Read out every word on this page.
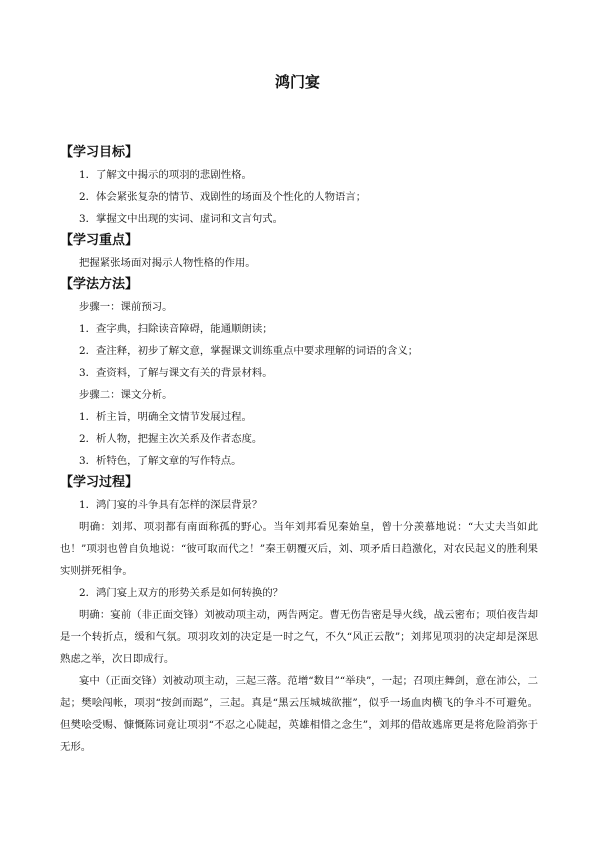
鸿门宴
【学习目标】
1．了解文中揭示的项羽的悲剧性格。
2．体会紧张复杂的情节、戏剧性的场面及个性化的人物语言；
3．掌握文中出现的实词、虚词和文言句式。
【学习重点】
把握紧张场面对揭示人物性格的作用。
【学法方法】
步骤一：课前预习。
1．查字典，扫除读音障碍，能通顺朗读；
2．查注释，初步了解文意，掌握课文训练重点中要求理解的词语的含义；
3．查资料，了解与课文有关的背景材料。
步骤二：课文分析。
1．析主旨，明确全文情节发展过程。
2．析人物，把握主次关系及作者态度。
3．析特色，了解文章的写作特点。
【学习过程】

1．鸿门宴的斗争具有怎样的深层背景？

明确：刘邦、项羽都有南面称孤的野心。当年刘邦看见秦始皇，曾十分羡慕地说：“大丈夫当如此也！”项羽也曾自负地说：“彼可取而代之！”秦王朝覆灭后，刘、项矛盾日趋激化，对农民起义的胜利果实则拼死相争。

2．鸿门宴上双方的形势关系是如何转换的？

明确：宴前（非正面交锋）刘被动项主动，两告两定。曹无伤告密是导火线，战云密布；项伯夜告却是一个转折点，缓和气氛。项羽攻刘的决定是一时之气，不久“风正云散”；刘邦见项羽的决定却是深思熟虑之举，次日即成行。

宴中（正面交锋）刘被动项主动，三起三落。范增“数目”“举玦”，一起；召项庄舞剑，意在沛公，二起；樊哙闯帐，项羽“按剑而跽”，三起。真是“黑云压城城欲摧”，似乎一场血肉横飞的争斗不可避免。但樊哙受赐、慷慨陈词竟让项羽“不忍之心陡起，英雄相惜之念生”，刘邦的借故逃席更是将危险消弥于无形。
